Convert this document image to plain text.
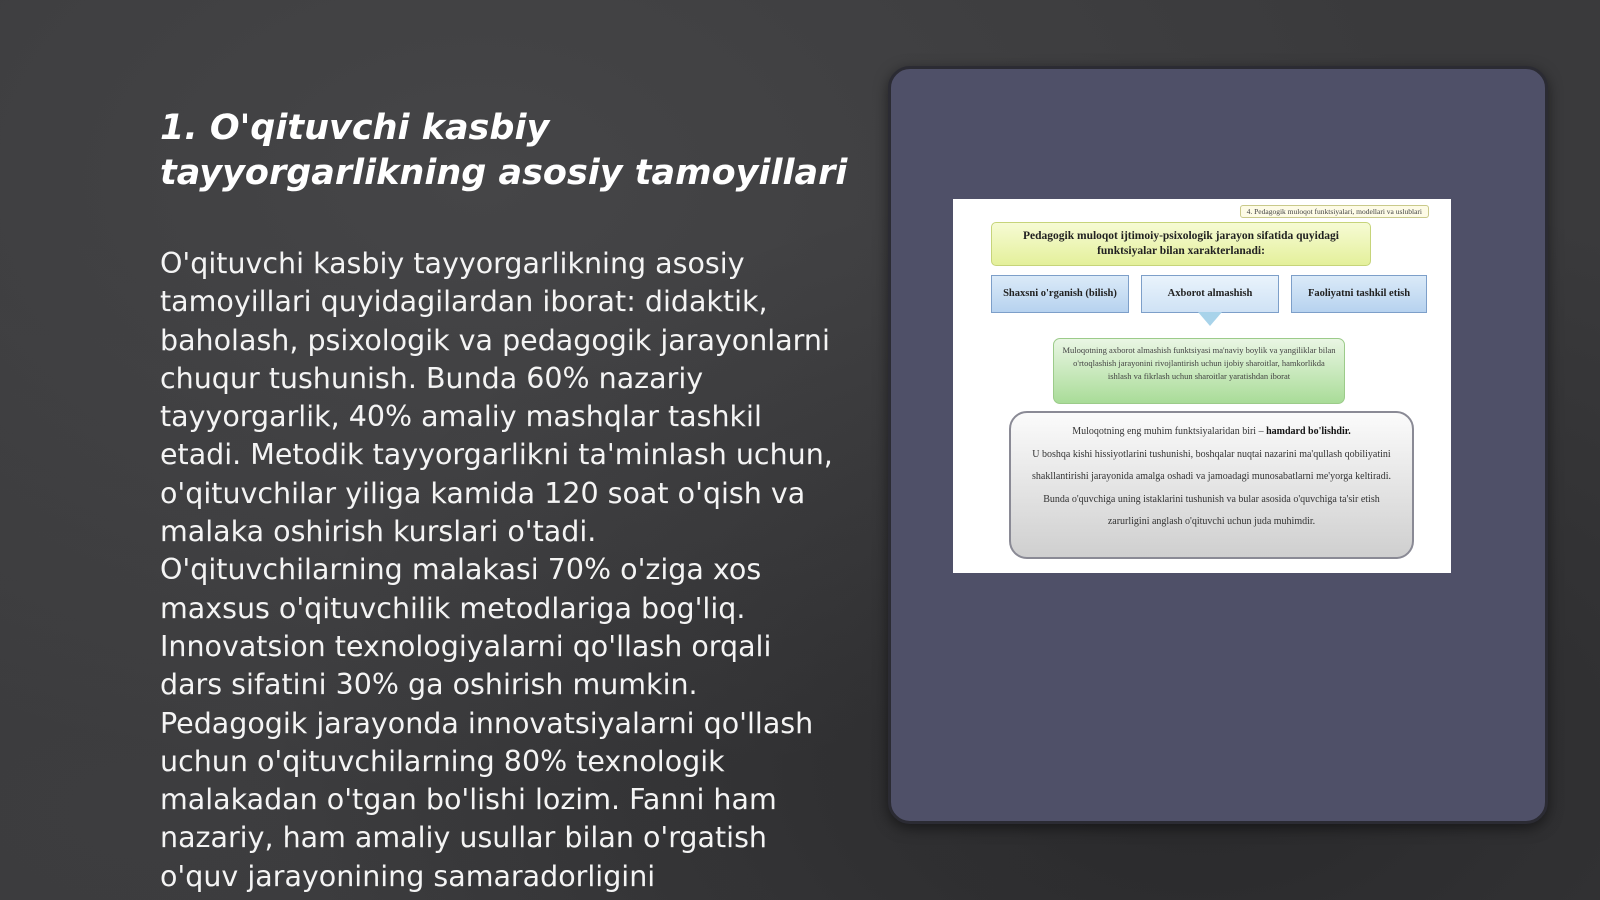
1. O'qituvchi kasbiy tayyorgarlikning asosiy tamoyillari

O'qituvchi kasbiy tayyorgarlikning asosiy tamoyillari quyidagilardan iborat: didaktik, baholash, psixologik va pedagogik jarayonlarni chuqur tushunish. Bunda 60% nazariy tayyorgarlik, 40% amaliy mashqlar tashkil etadi. Metodik tayyorgarlikni ta'minlash uchun, o'qituvchilar yiliga kamida 120 soat o'qish va malaka oshirish kurslari o'tadi. O'qituvchilarning malakasi 70% o'ziga xos maxsus o'qituvchilik metodlariga bog'liq. Innovatsion texnologiyalarni qo'llash orqali dars sifatini 30% ga oshirish mumkin. Pedagogik jarayonda innovatsiyalarni qo'llash uchun o'qituvchilarning 80% texnologik malakadan o'tgan bo'lishi lozim. Fanni ham nazariy, ham amaliy usullar bilan o'rgatish o'quv jarayonining samaradorligini

4. Pedagogik muloqot funktsiyalari, modellari va uslublari
Pedagogik muloqot ijtimoiy-psixologik jarayon sifatida quyidagi funktsiyalar bilan xarakterlanadi:
Shaxsni o'rganish (bilish)	Axborot almashish	Faoliyatni tashkil etish
Muloqotning axborot almashish funktsiyasi ma'naviy boylik va yangiliklar bilan o'rtoqlashish jarayonini rivojlantirish uchun ijobiy sharoitlar, hamkorlikda ishlash va fikrlash uchun sharoitlar yaratishdan iborat

Muloqotning eng muhim funktsiyalaridan biri – hamdard bo'lishdir.

U boshqa kishi hissiyotlarini tushunishi, boshqalar nuqtai nazarini ma'qullash qobiliyatini shakllantirishi jarayonida amalga oshadi va jamoadagi munosabatlarni me'yorga keltiradi.

Bunda o'quvchiga uning istaklarini tushunish va bular asosida o'quvchiga ta'sir etish zarurligini anglash o'qituvchi uchun juda muhimdir.
